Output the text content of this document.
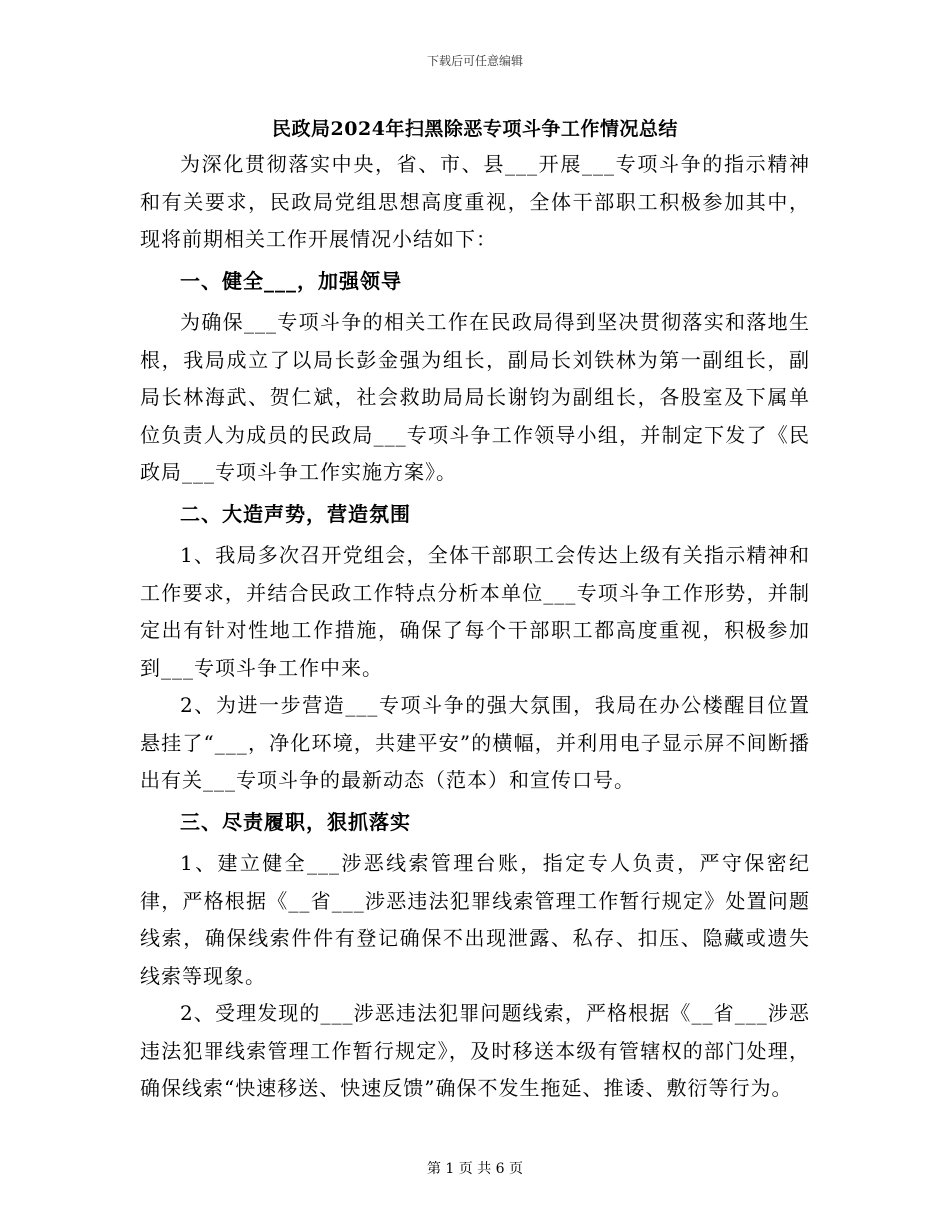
下载后可任意编辑
民政局2024年扫黑除恶专项斗争工作情况总结

为深化贯彻落实中央，省、市、县___开展___专项斗争的指示精神和有关要求，民政局党组思想高度重视，全体干部职工积极参加其中，现将前期相关工作开展情况小结如下：

一、健全___，加强领导

为确保___专项斗争的相关工作在民政局得到坚决贯彻落实和落地生根，我局成立了以局长彭金强为组长，副局长刘铁林为第一副组长，副局长林海武、贺仁斌，社会救助局局长谢钧为副组长，各股室及下属单位负责人为成员的民政局___专项斗争工作领导小组，并制定下发了《民政局___专项斗争工作实施方案》。

二、大造声势，营造氛围

1、我局多次召开党组会，全体干部职工会传达上级有关指示精神和工作要求，并结合民政工作特点分析本单位___专项斗争工作形势，并制定出有针对性地工作措施，确保了每个干部职工都高度重视，积极参加到___专项斗争工作中来。

2、为进一步营造___专项斗争的强大氛围，我局在办公楼醒目位置悬挂了“___，净化环境，共建平安”的横幅，并利用电子显示屏不间断播出有关___专项斗争的最新动态（范本）和宣传口号。

三、尽责履职，狠抓落实

1、建立健全___涉恶线索管理台账，指定专人负责，严守保密纪律，严格根据《__省___涉恶违法犯罪线索管理工作暂行规定》处置问题线索，确保线索件件有登记确保不出现泄露、私存、扣压、隐藏或遗失线索等现象。

2、受理发现的___涉恶违法犯罪问题线索，严格根据《__省___涉恶违法犯罪线索管理工作暂行规定》，及时移送本级有管辖权的部门处理，确保线索“快速移送、快速反馈”确保不发生拖延、推诿、敷衍等行为。

第 1 页 共 6 页
